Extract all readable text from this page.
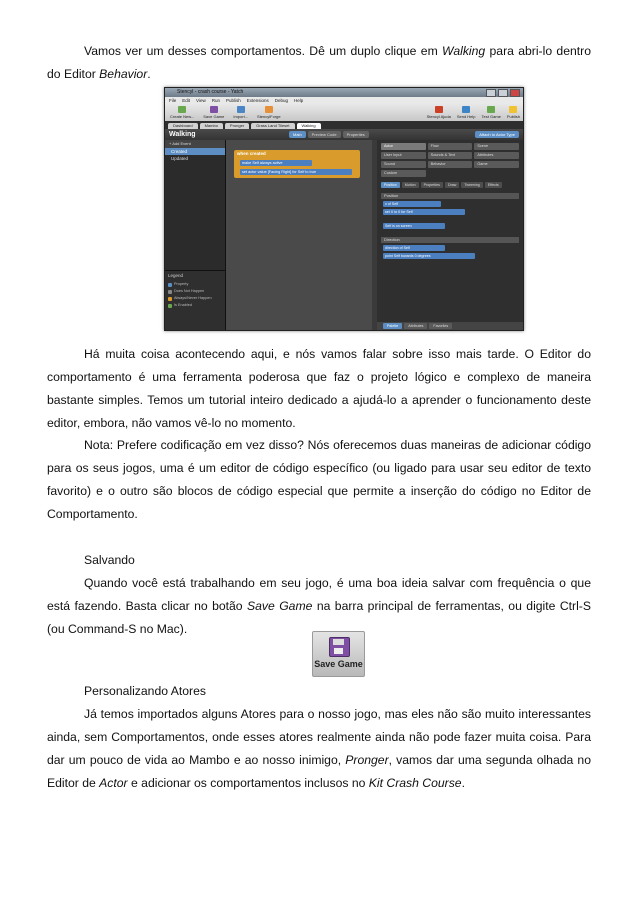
Vamos ver um desses comportamentos. Dê um duplo clique em Walking para abri-lo dentro do Editor Behavior.

Stencyl - crash course - Yatch
File Edit View Run Publish Extensions Debug Help
Create New... Save Game Import... StencylForge	Stencyl Ajuda Send Help Test Game Publish
Dashboard	Mambo	Pronger	Grass Land Tileset	Walking
Walking	Main	Preview Code	Properties	Attach to Actor Type
+ Add Event
Created
Updated
Legend
Property
Does Not Happen
Always/Never Happen
Is Enabled
when created
make Self always active
set actor value [Facing Right] for Self to true
Actor	Flow	Scene
User Input	Sounds & Text	Attributes
Sound	Behavior	Game
Custom
Position	Motion	Properties	Draw	Tweening	Effects
Position
x of Self
set X to 0 for Self
Self is on screen
Direction
direction of Self
point Self towards 0 degrees
Palette	Attributes	Favorites

Há muita coisa acontecendo aqui, e nós vamos falar sobre isso mais tarde. O Editor do comportamento é uma ferramenta poderosa que faz o projeto lógico e complexo de maneira bastante simples. Temos um tutorial inteiro dedicado a ajudá-lo a aprender o funcionamento deste editor, embora, não vamos vê-lo no momento.

Nota: Prefere codificação em vez disso? Nós oferecemos duas maneiras de adicionar código para os seus jogos, uma é um editor de código específico (ou ligado para usar seu editor de texto favorito) e o outro são blocos de código especial que permite a inserção do código no Editor de Comportamento.

Salvando

Quando você está trabalhando em seu jogo, é uma boa ideia salvar com frequência o que está fazendo. Basta clicar no botão Save Game na barra principal de ferramentas, ou digite Ctrl-S (ou Command-S no Mac).

Save Game

Personalizando Atores

Já temos importados alguns Atores para o nosso jogo, mas eles não são muito interessantes ainda, sem Comportamentos, onde esses atores realmente ainda não pode fazer muita coisa. Para dar um pouco de vida ao Mambo e ao nosso inimigo, Pronger, vamos dar uma segunda olhada no Editor de Actor e adicionar os comportamentos inclusos no Kit Crash Course.
